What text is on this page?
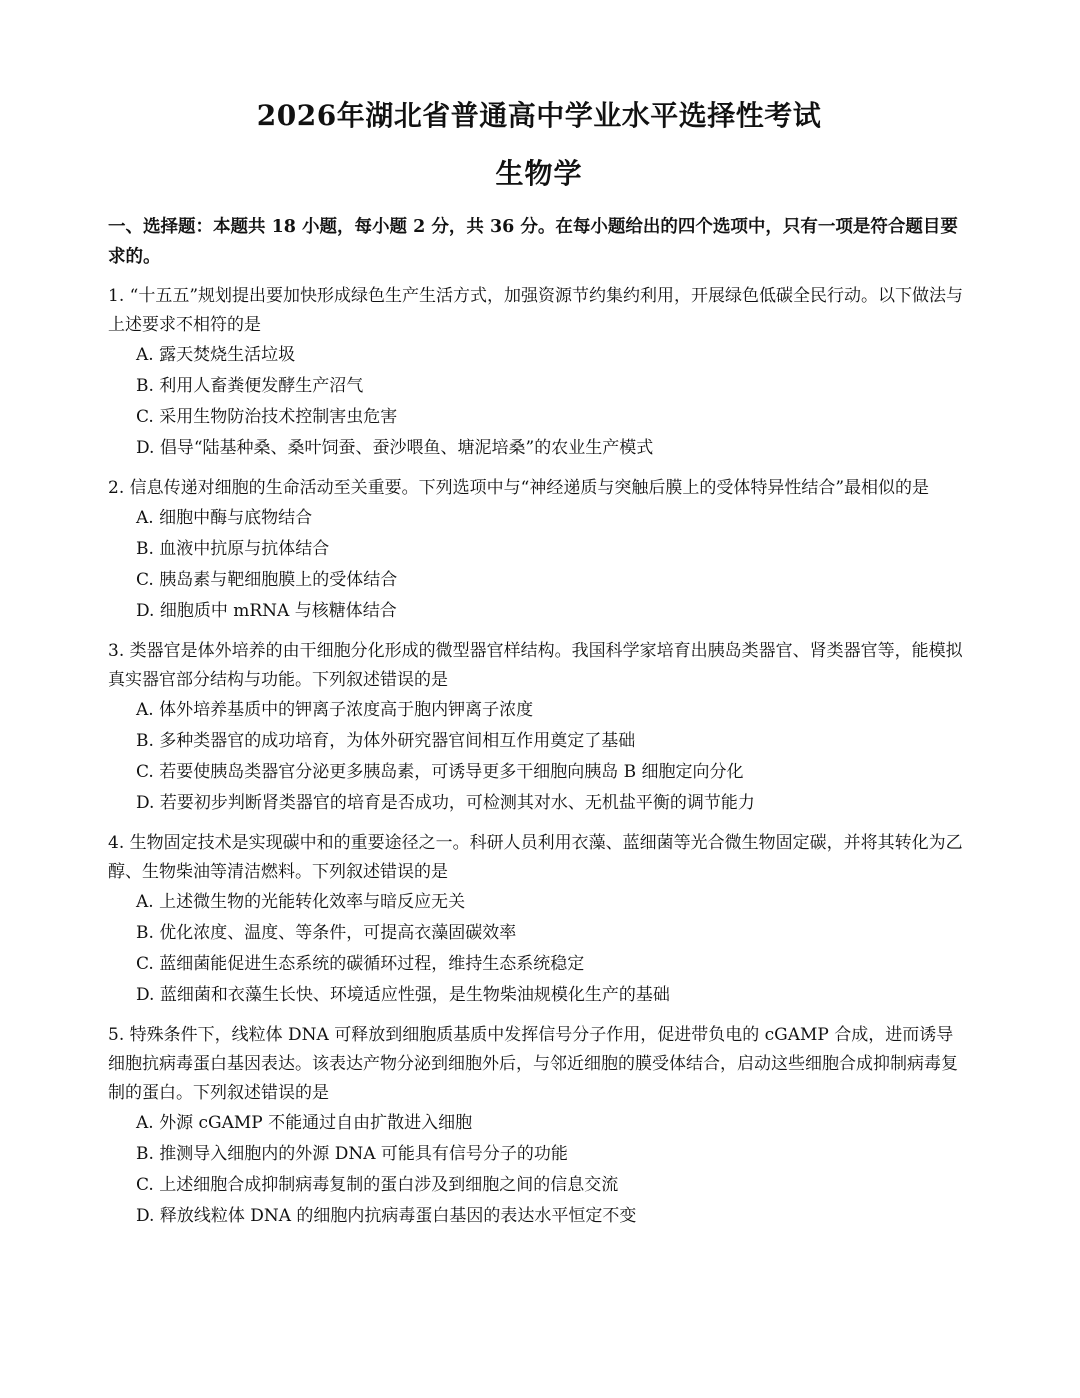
2026年湖北省普通高中学业水平选择性考试
生物学
一、选择题：本题共 18 小题，每小题 2 分，共 36 分。在每小题给出的四个选项中，只有一项是符合题目要求的。
1. “十五五”规划提出要加快形成绿色生产生活方式，加强资源节约集约利用，开展绿色低碳全民行动。以下做法与上述要求不相符的是
A. 露天焚烧生活垃圾
B. 利用人畜粪便发酵生产沼气
C. 采用生物防治技术控制害虫危害
D. 倡导“陆基种桑、桑叶饲蚕、蚕沙喂鱼、塘泥培桑”的农业生产模式
2. 信息传递对细胞的生命活动至关重要。下列选项中与“神经递质与突触后膜上的受体特异性结合”最相似的是
A. 细胞中酶与底物结合
B. 血液中抗原与抗体结合
C. 胰岛素与靶细胞膜上的受体结合
D. 细胞质中 mRNA 与核糖体结合
3. 类器官是体外培养的由干细胞分化形成的微型器官样结构。我国科学家培育出胰岛类器官、肾类器官等，能模拟真实器官部分结构与功能。下列叙述错误的是
A. 体外培养基质中的钾离子浓度高于胞内钾离子浓度
B. 多种类器官的成功培育，为体外研究器官间相互作用奠定了基础
C. 若要使胰岛类器官分泌更多胰岛素，可诱导更多干细胞向胰岛 B 细胞定向分化
D. 若要初步判断肾类器官的培育是否成功，可检测其对水、无机盐平衡的调节能力
4. 生物固定技术是实现碳中和的重要途径之一。科研人员利用衣藻、蓝细菌等光合微生物固定碳，并将其转化为乙醇、生物柴油等清洁燃料。下列叙述错误的是
A. 上述微生物的光能转化效率与暗反应无关
B. 优化浓度、温度、等条件，可提高衣藻固碳效率
C. 蓝细菌能促进生态系统的碳循环过程，维持生态系统稳定
D. 蓝细菌和衣藻生长快、环境适应性强，是生物柴油规模化生产的基础
5. 特殊条件下，线粒体 DNA 可释放到细胞质基质中发挥信号分子作用，促进带负电的 cGAMP 合成，进而诱导细胞抗病毒蛋白基因表达。该表达产物分泌到细胞外后，与邻近细胞的膜受体结合，启动这些细胞合成抑制病毒复制的蛋白。下列叙述错误的是
A. 外源 cGAMP 不能通过自由扩散进入细胞
B. 推测导入细胞内的外源 DNA 可能具有信号分子的功能
C. 上述细胞合成抑制病毒复制的蛋白涉及到细胞之间的信息交流
D. 释放线粒体 DNA 的细胞内抗病毒蛋白基因的表达水平恒定不变
